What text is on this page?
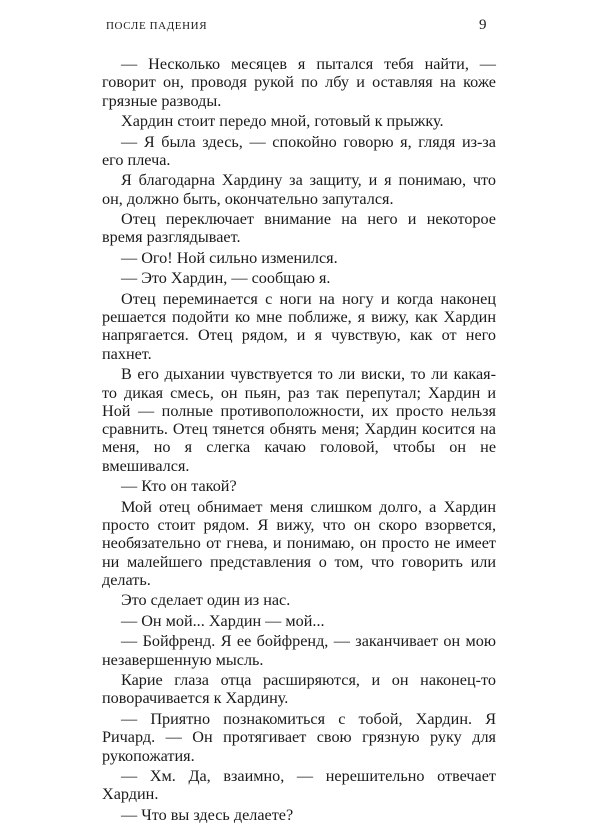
ПОСЛЕ ПАДЕНИЯ	9

— Несколько месяцев я пытался тебя найти, — говорит он, проводя рукой по лбу и оставляя на коже грязные разводы.

Хардин стоит передо мной, готовый к прыжку.

— Я была здесь, — спокойно говорю я, глядя из-за его плеча.

Я благодарна Хардину за защиту, и я понимаю, что он, должно быть, окончательно запутался.

Отец переключает внимание на него и некоторое время разглядывает.

— Ого! Ной сильно изменился.

— Это Хардин, — сообщаю я.

Отец переминается с ноги на ногу и когда наконец решается подойти ко мне поближе, я вижу, как Хардин напрягается. Отец рядом, и я чувствую, как от него пахнет.

В его дыхании чувствуется то ли виски, то ли какая-то дикая смесь, он пьян, раз так перепутал; Хардин и Ной — полные противоположности, их просто нельзя сравнить. Отец тянется обнять меня; Хардин косится на меня, но я слегка качаю головой, чтобы он не вмешивался.

— Кто он такой?

Мой отец обнимает меня слишком долго, а Хардин просто стоит рядом. Я вижу, что он скоро взорвется, необязательно от гнева, и понимаю, он просто не имеет ни малейшего представления о том, что говорить или делать.

Это сделает один из нас.

— Он мой... Хардин — мой...

— Бойфренд. Я ее бойфренд, — заканчивает он мою незавершенную мысль.

Карие глаза отца расширяются, и он наконец-то поворачивается к Хардину.

— Приятно познакомиться с тобой, Хардин. Я Ричард. — Он протягивает свою грязную руку для рукопожатия.

— Хм. Да, взаимно, — нерешительно отвечает Хардин.

— Что вы здесь делаете?
